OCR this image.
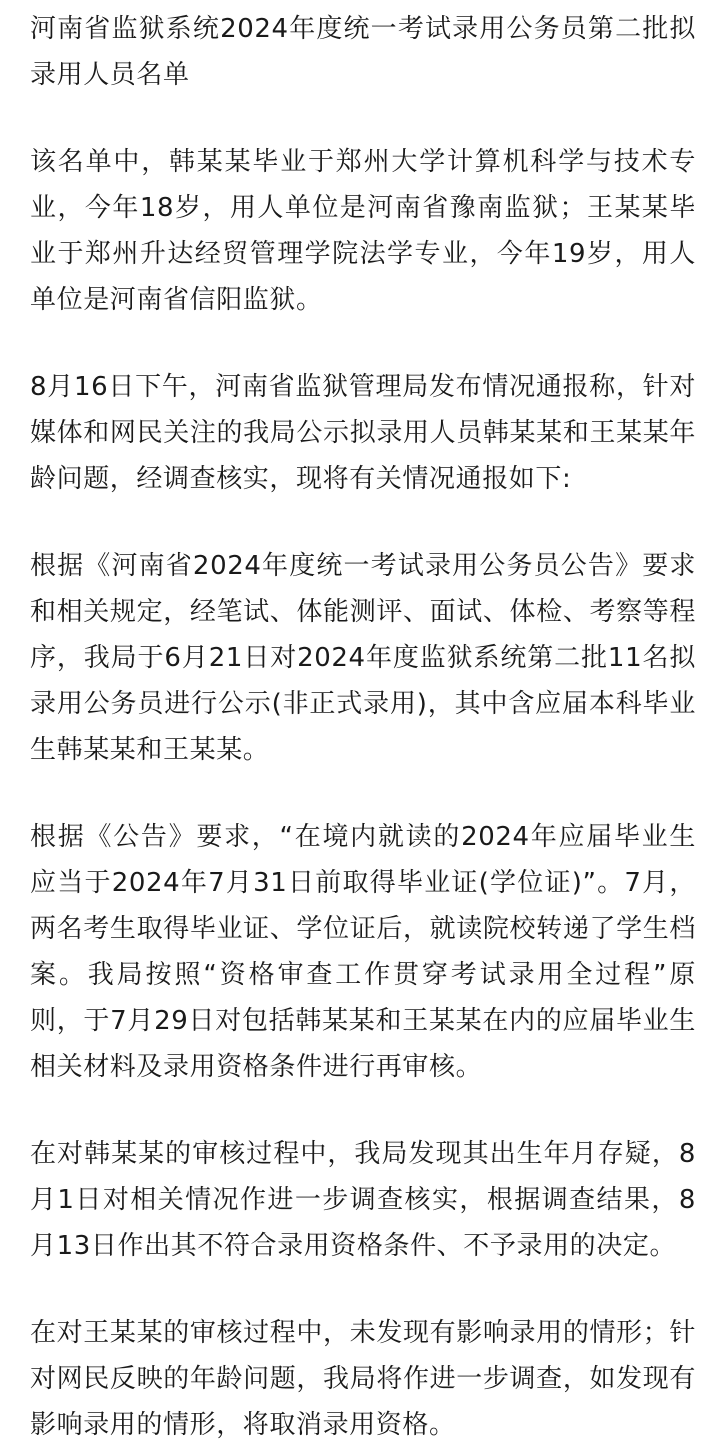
河南省监狱系统2024年度统一考试录用公务员第二批拟录用人员名单

该名单中，韩某某毕业于郑州大学计算机科学与技术专业，今年18岁，用人单位是河南省豫南监狱；王某某毕业于郑州升达经贸管理学院法学专业，今年19岁，用人单位是河南省信阳监狱。

8月16日下午，河南省监狱管理局发布情况通报称，针对媒体和网民关注的我局公示拟录用人员韩某某和王某某年龄问题，经调查核实，现将有关情况通报如下:

根据《河南省2024年度统一考试录用公务员公告》要求和相关规定，经笔试、体能测评、面试、体检、考察等程序，我局于6月21日对2024年度监狱系统第二批11名拟录用公务员进行公示(非正式录用)，其中含应届本科毕业生韩某某和王某某。

根据《公告》要求，“在境内就读的2024年应届毕业生应当于2024年7月31日前取得毕业证(学位证)”。7月，两名考生取得毕业证、学位证后，就读院校转递了学生档案。我局按照“资格审查工作贯穿考试录用全过程”原则，于7月29日对包括韩某某和王某某在内的应届毕业生相关材料及录用资格条件进行再审核。

在对韩某某的审核过程中，我局发现其出生年月存疑，8月1日对相关情况作进一步调查核实，根据调查结果，8月13日作出其不符合录用资格条件、不予录用的决定。

在对王某某的审核过程中，未发现有影响录用的情形；针对网民反映的年龄问题，我局将作进一步调查，如发现有影响录用的情形，将取消录用资格。
